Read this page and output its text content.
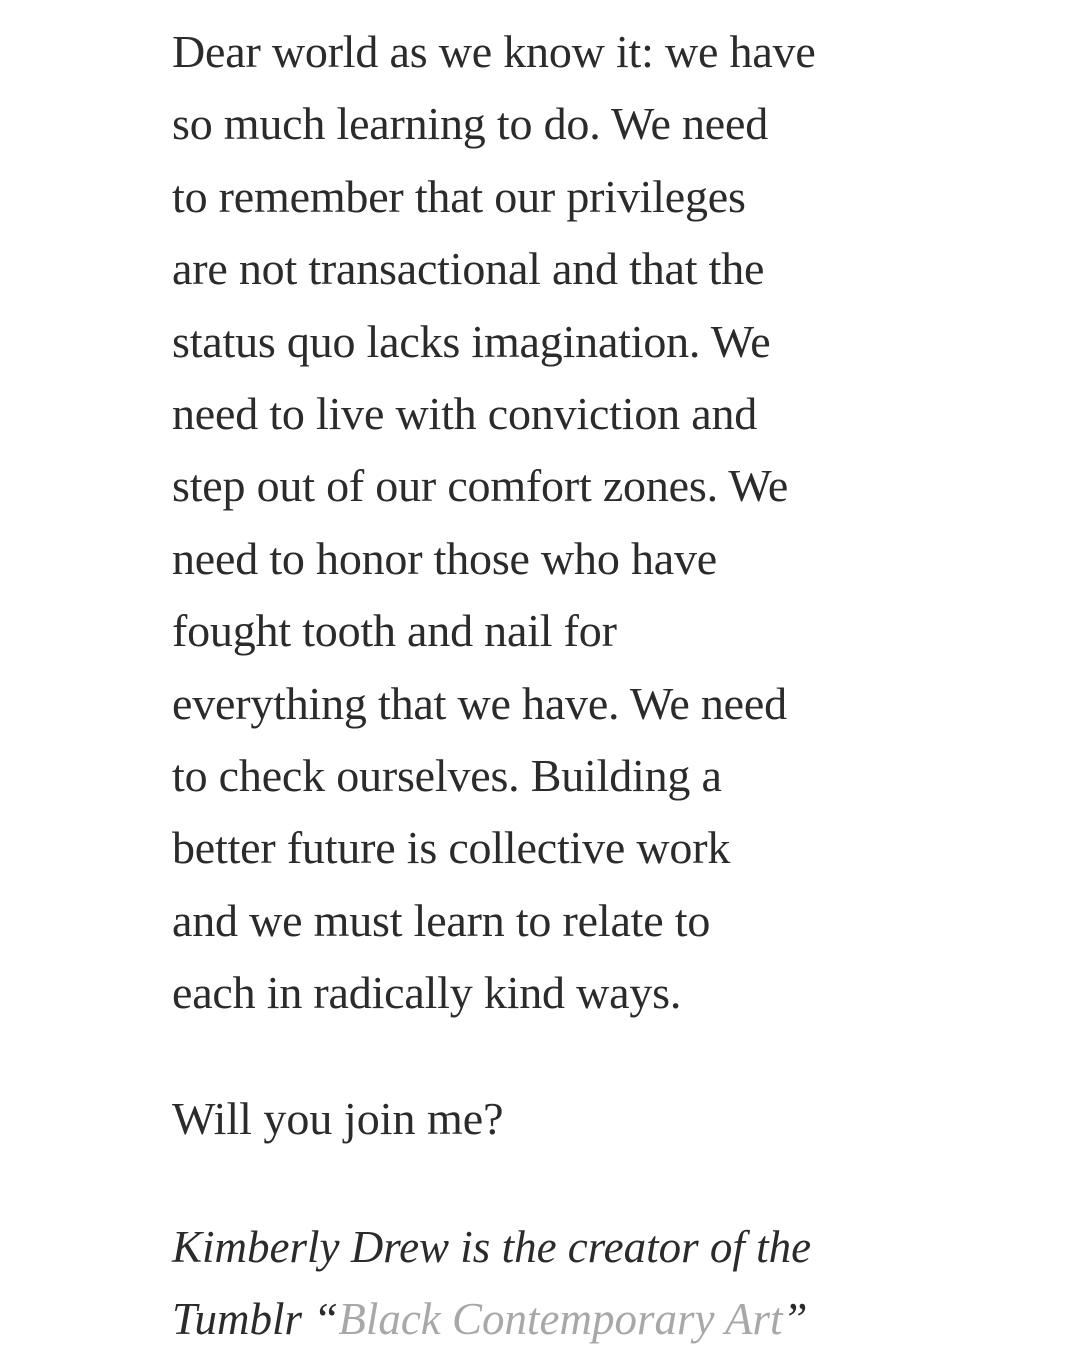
Dear world as we know it: we have
so much learning to do. We need
to remember that our privileges
are not transactional and that the
status quo lacks imagination. We
need to live with conviction and
step out of our comfort zones. We
need to honor those who have
fought tooth and nail for
everything that we have. We need
to check ourselves. Building a
better future is collective work
and we must learn to relate to
each in radically kind ways.

Will you join me?

Kimberly Drew is the creator of the
Tumblr “Black Contemporary Art”
